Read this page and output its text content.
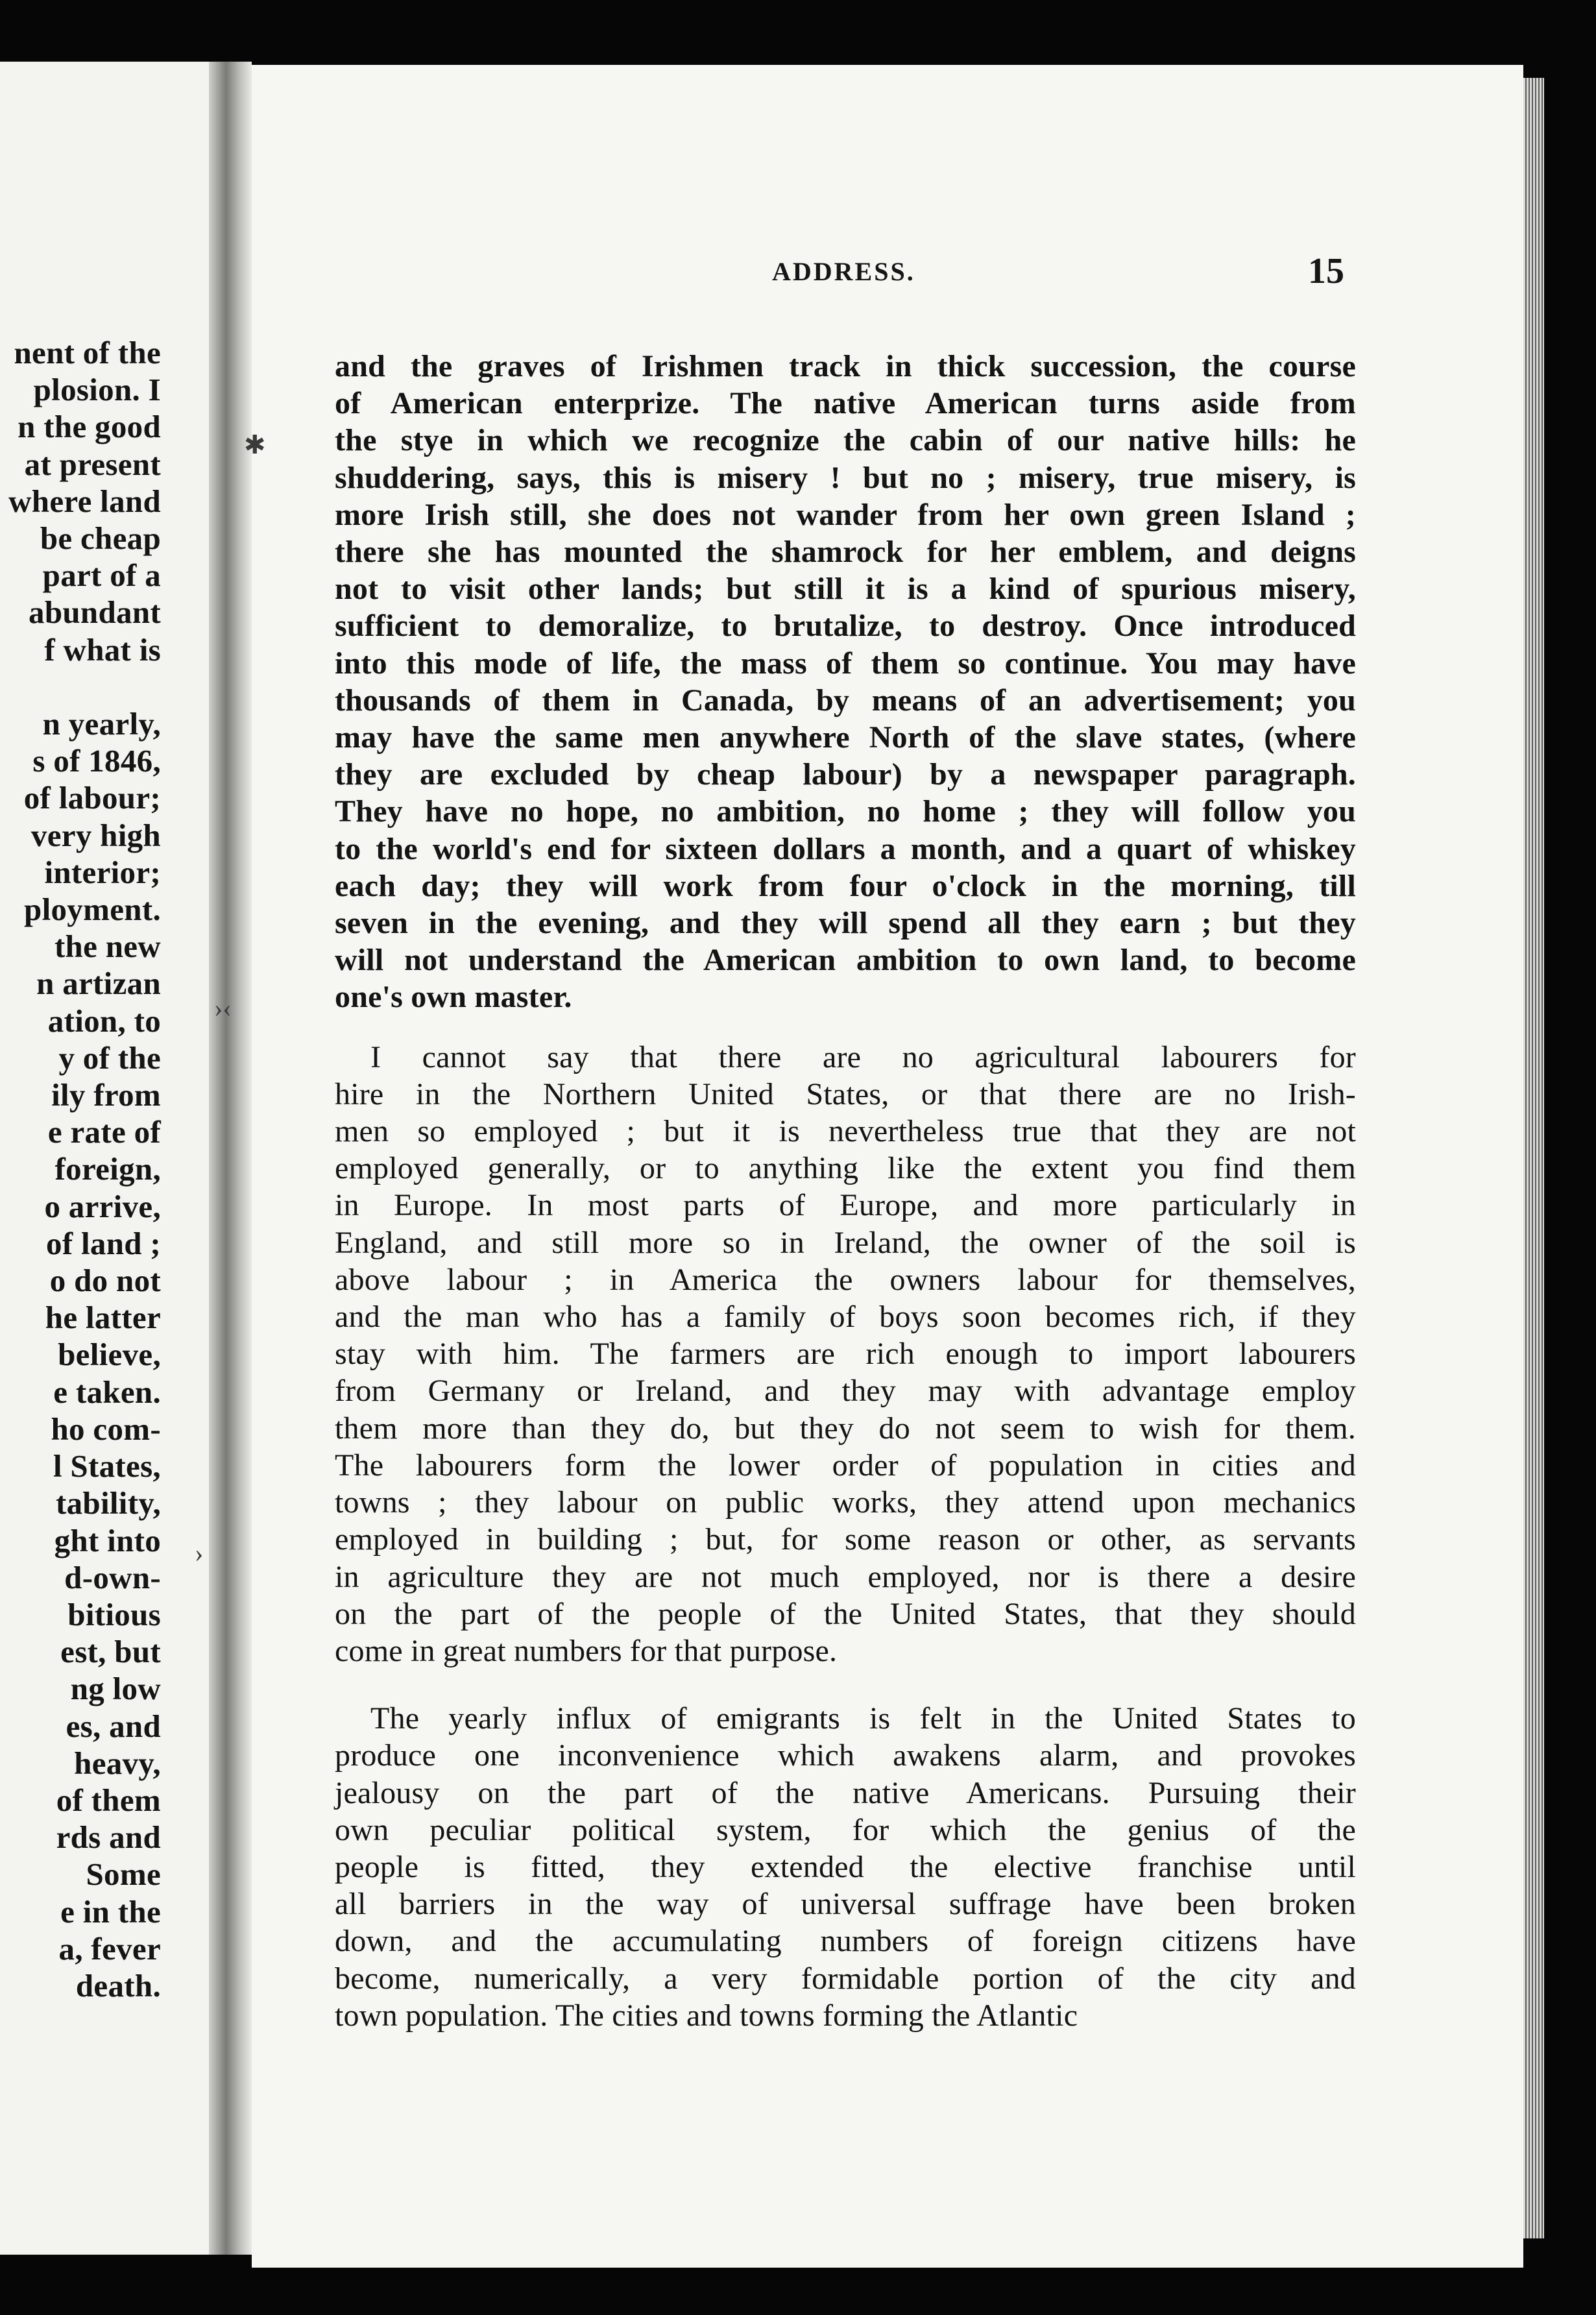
nent of the
plosion. I
n the good
at present
where land
be cheap
part of a
abundant
f what is

n yearly,
s of 1846,
of labour;
very high
interior;
ployment.
the new
n artizan
ation, to
y of the
ily from
e rate of
foreign,
o arrive,
of land ;
o do not
he latter
believe,
e taken.
ho com-
l States,
tability,
ght into
d-own-
bitious
est, but
ng low
es, and
heavy,
of them
rds and
Some
e in the
a, fever
death.
ADDRESS.	15
and the graves of Irishmen track in thick succession, the course
of American enterprize. The native American turns aside from
the stye in which we recognize the cabin of our native hills: he
shuddering, says, this is misery ! but no ; misery, true misery, is
more Irish still, she does not wander from her own green Island ;
there she has mounted the shamrock for her emblem, and deigns
not to visit other lands; but still it is a kind of spurious misery,
sufficient to demoralize, to brutalize, to destroy. Once introduced
into this mode of life, the mass of them so continue. You may have
thousands of them in Canada, by means of an advertisement; you
may have the same men anywhere North of the slave states, (where
they are excluded by cheap labour) by a newspaper paragraph.
They have no hope, no ambition, no home ; they will follow you
to the world's end for sixteen dollars a month, and a quart of whiskey
each day; they will work from four o'clock in the morning, till
seven in the evening, and they will spend all they earn ; but they
will not understand the American ambition to own land, to become
one's own master.
I cannot say that there are no agricultural labourers for
hire in the Northern United States, or that there are no Irish-
men so employed ; but it is nevertheless true that they are not
employed generally, or to anything like the extent you find them
in Europe. In most parts of Europe, and more particularly in
England, and still more so in Ireland, the owner of the soil is
above labour ; in America the owners labour for themselves,
and the man who has a family of boys soon becomes rich, if they
stay with him. The farmers are rich enough to import labourers
from Germany or Ireland, and they may with advantage employ
them more than they do, but they do not seem to wish for them.
The labourers form the lower order of population in cities and
towns ; they labour on public works, they attend upon mechanics
employed in building ; but, for some reason or other, as servants
in agriculture they are not much employed, nor is there a desire
on the part of the people of the United States, that they should
come in great numbers for that purpose.
The yearly influx of emigrants is felt in the United States to
produce one inconvenience which awakens alarm, and provokes
jealousy on the part of the native Americans. Pursuing their
own peculiar political system, for which the genius of the
people is fitted, they extended the elective franchise until
all barriers in the way of universal suffrage have been broken
down, and the accumulating numbers of foreign citizens have
become, numerically, a very formidable portion of the city and
town population. The cities and towns forming the Atlantic
✱
›‹
›
